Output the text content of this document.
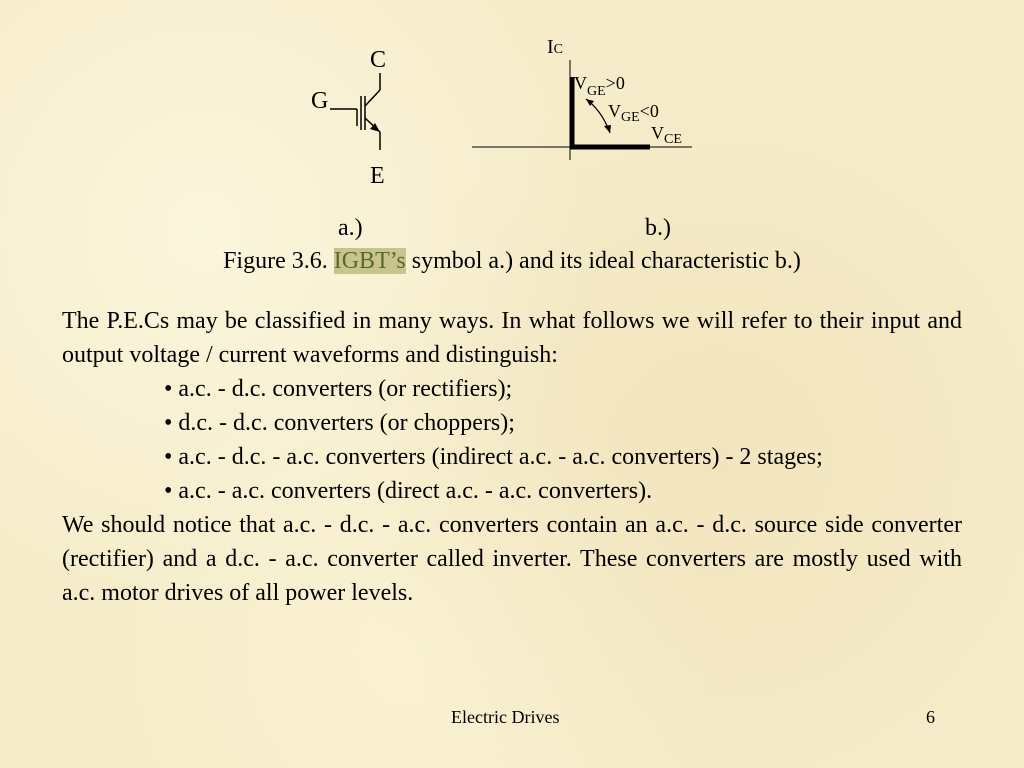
C
G
E
IC
$V_{GE}>0$
$V_{GE}<0$
$V_{CE}$
a.)	b.)
Figure 3.6. IGBT’s symbol a.) and its ideal characteristic b.)
The P.E.Cs may be classified in many ways. In what follows we will refer to their input and output voltage / current waveforms and distinguish:
• a.c. - d.c. converters (or rectifiers);
• d.c. - d.c. converters (or choppers);
• a.c. - d.c. - a.c. converters (indirect a.c. - a.c. converters) - 2 stages;
• a.c. - a.c. converters (direct a.c. - a.c. converters).
We should notice that a.c. - d.c. - a.c. converters contain an a.c. - d.c. source side converter (rectifier) and a d.c. - a.c. converter called inverter. These converters are mostly used with a.c. motor drives of all power levels.
Electric Drives	6
